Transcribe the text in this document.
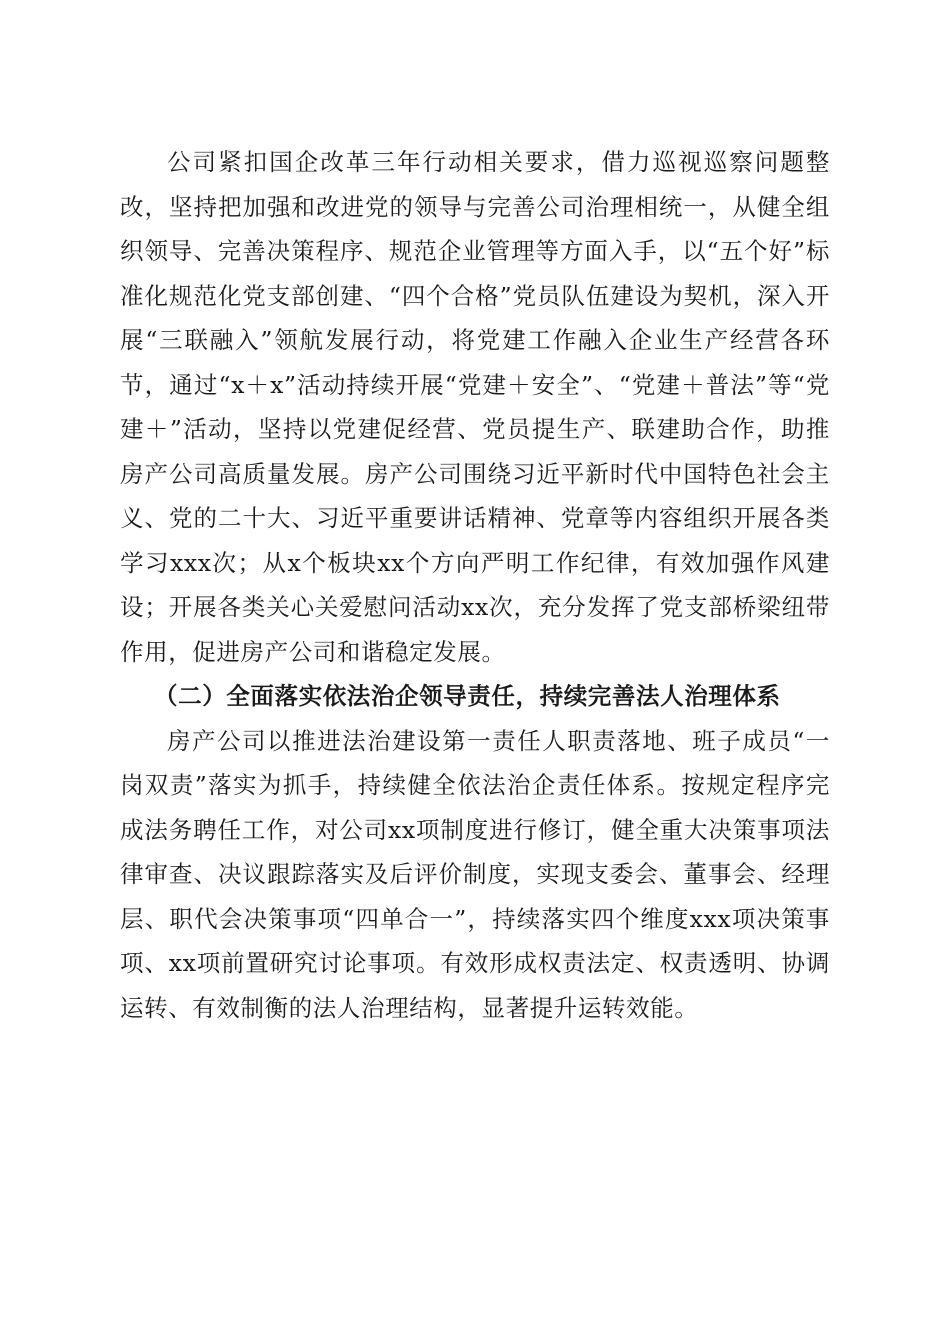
公司紧扣国企改革三年行动相关要求，借力巡视巡察问题整改，坚持把加强和改进党的领导与完善公司治理相统一，从健全组织领导、完善决策程序、规范企业管理等方面入手，以“五个好”标准化规范化党支部创建、“四个合格”党员队伍建设为契机，深入开展“三联融入”领航发展行动，将党建工作融入企业生产经营各环节，通过“x＋x”活动持续开展“党建＋安全”、“党建＋普法”等“党建＋”活动，坚持以党建促经营、党员提生产、联建助合作，助推房产公司高质量发展。房产公司围绕习近平新时代中国特色社会主义、党的二十大、习近平重要讲话精神、党章等内容组织开展各类学习xxx次；从x个板块xx个方向严明工作纪律，有效加强作风建设；开展各类关心关爱慰问活动xx次，充分发挥了党支部桥梁纽带作用，促进房产公司和谐稳定发展。

（二）全面落实依法治企领导责任，持续完善法人治理体系

房产公司以推进法治建设第一责任人职责落地、班子成员“一岗双责”落实为抓手，持续健全依法治企责任体系。按规定程序完成法务聘任工作，对公司xx项制度进行修订，健全重大决策事项法律审查、决议跟踪落实及后评价制度，实现支委会、董事会、经理层、职代会决策事项“四单合一”，持续落实四个维度xxx项决策事项、xx项前置研究讨论事项。有效形成权责法定、权责透明、协调运转、有效制衡的法人治理结构，显著提升运转效能。
